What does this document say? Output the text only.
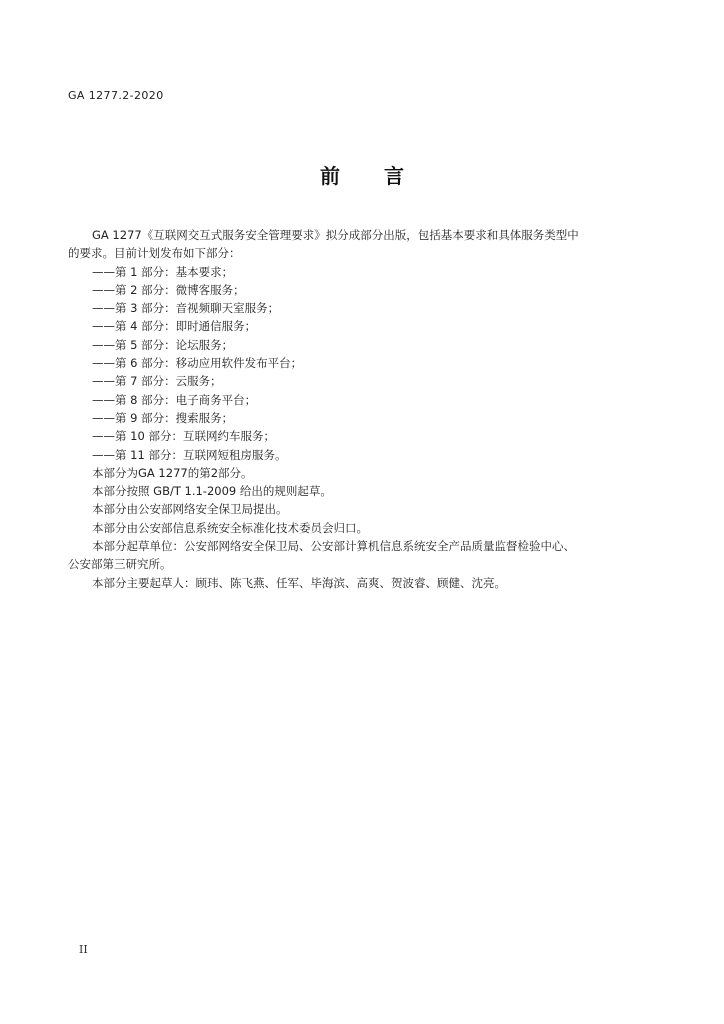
GA 1277.2-2020
前 言

GA 1277《互联网交互式服务安全管理要求》拟分成部分出版，包括基本要求和具体服务类型中

的要求。目前计划发布如下部分：

——第 1 部分：基本要求；

——第 2 部分：微博客服务；

——第 3 部分：音视频聊天室服务；

——第 4 部分：即时通信服务；

——第 5 部分：论坛服务；

——第 6 部分：移动应用软件发布平台；

——第 7 部分：云服务；

——第 8 部分：电子商务平台；

——第 9 部分：搜索服务；

——第 10 部分：互联网约车服务；

——第 11 部分：互联网短租房服务。

本部分为GA 1277的第2部分。

本部分按照 GB/T 1.1-2009 给出的规则起草。

本部分由公安部网络安全保卫局提出。

本部分由公安部信息系统安全标准化技术委员会归口。

本部分起草单位：公安部网络安全保卫局、公安部计算机信息系统安全产品质量监督检验中心、

公安部第三研究所。

本部分主要起草人：顾玮、陈飞燕、任军、毕海滨、高爽、贺波睿、顾健、沈亮。

II
